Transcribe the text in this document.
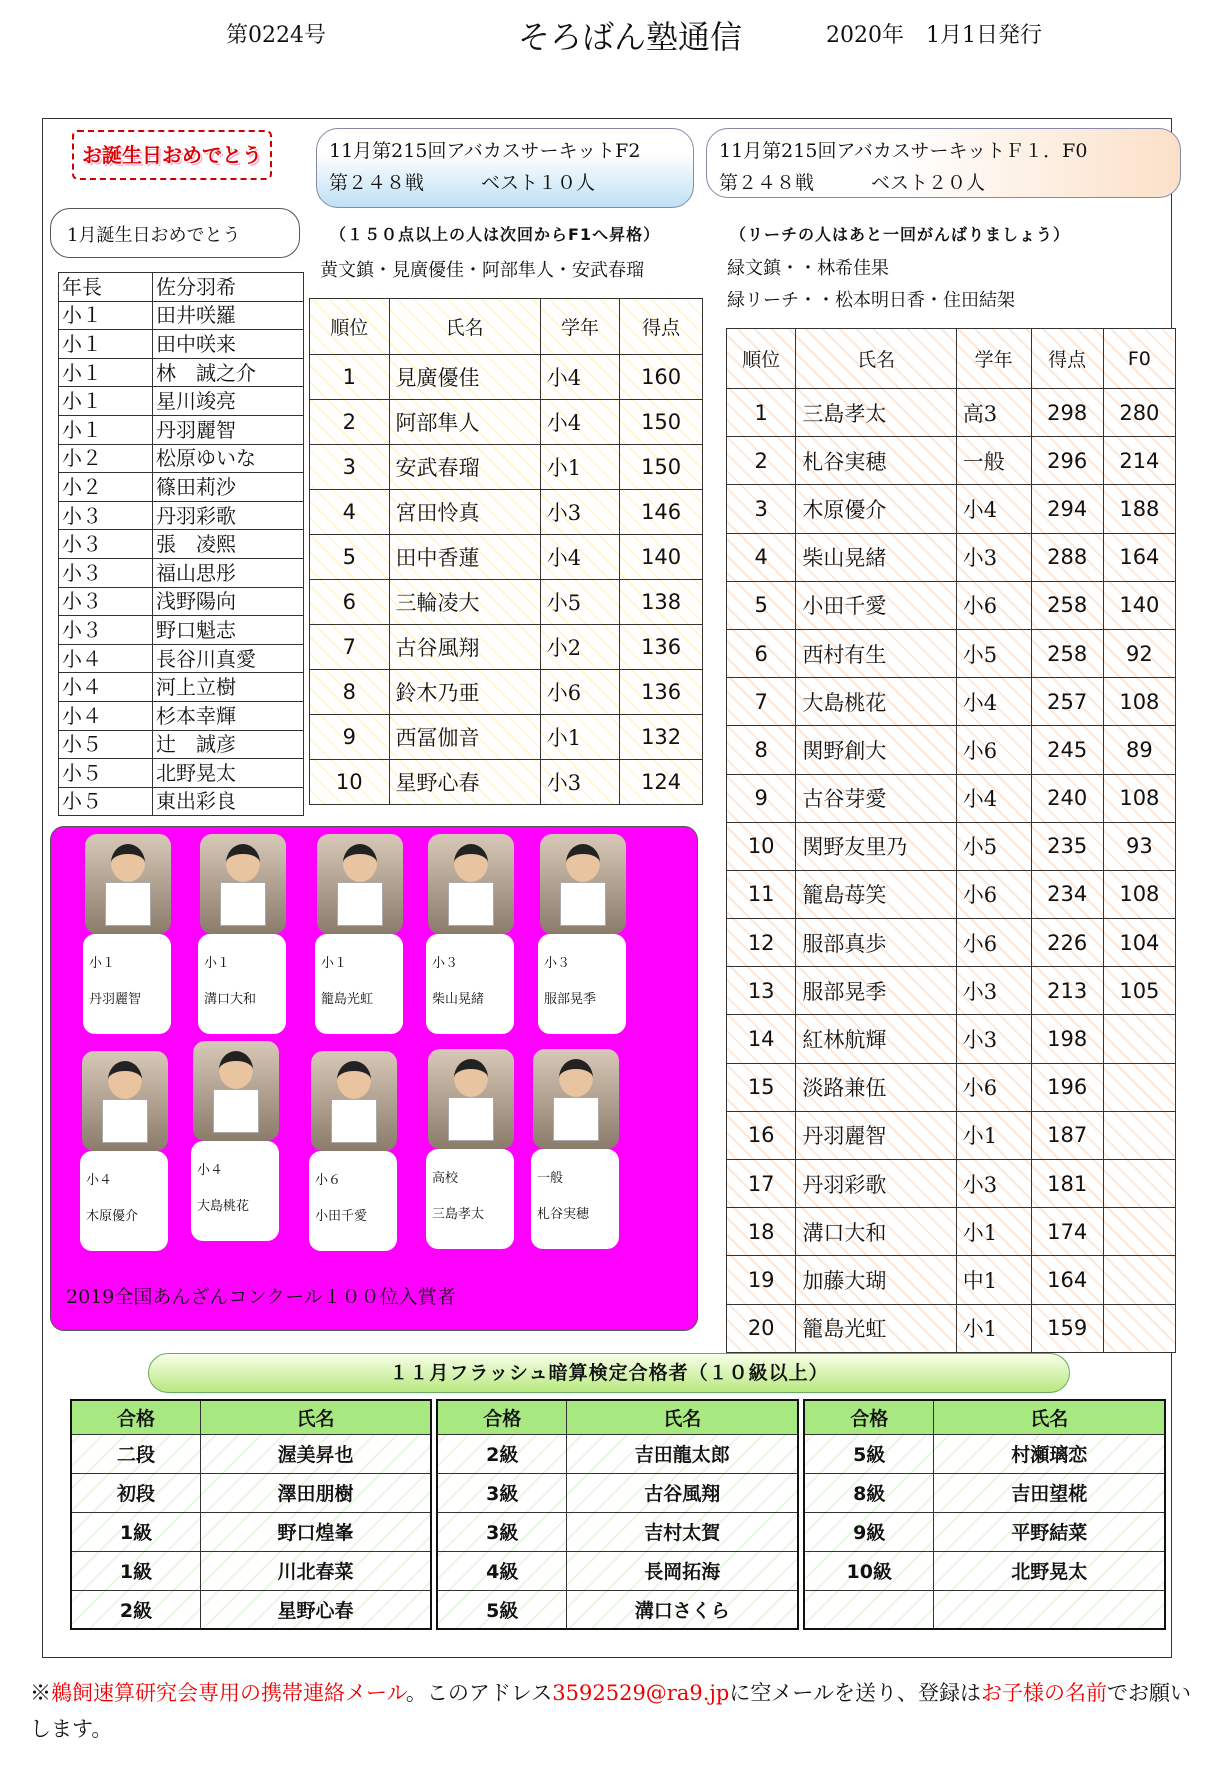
第0224号	そろばん塾通信	2020年　1月1日発行
お誕生日おめでとう
1月誕生日おめでとう
年長	佐分羽希
小１	田井咲羅
小１	田中咲来
小１	林　誠之介
小１	星川竣亮
小１	丹羽麗智
小２	松原ゆいな
小２	篠田莉沙
小３	丹羽彩歌
小３	張　凌熙
小３	福山思彤
小３	浅野陽向
小３	野口魁志
小４	長谷川真愛
小４	河上立樹
小４	杉本幸輝
小５	辻　誠彦
小５	北野晃太
小５	東出彩良
11月第215回アバカスサーキットF2
第２４８戦　　　ベスト１０人
（１５０点以上の人は次回からF1へ昇格）
黄文鎮・見廣優佳・阿部隼人・安武春瑠
順位	氏名	学年	得点
1	見廣優佳	小4	160
2	阿部隼人	小4	150
3	安武春瑠	小1	150
4	宮田怜真	小3	146
5	田中香蓮	小4	140
6	三輪凌大	小5	138
7	古谷風翔	小2	136
8	鈴木乃亜	小6	136
9	西冨伽音	小1	132
10	星野心春	小3	124
11月第215回アバカスサーキットＦ１．F0
第２４８戦　　　ベスト２０人
（リーチの人はあと一回がんばりましょう）
緑文鎮・・林希佳果
緑リーチ・・松本明日香・住田結架
順位	氏名	学年	得点	F0
1	三島孝太	高3	298	280
2	札谷実穂	一般	296	214
3	木原優介	小4	294	188
4	柴山晃緒	小3	288	164
5	小田千愛	小6	258	140
6	西村有生	小5	258	92
7	大島桃花	小4	257	108
8	関野創大	小6	245	89
9	古谷芽愛	小4	240	108
10	関野友里乃	小5	235	93
11	籠島苺笑	小6	234	108
12	服部真歩	小6	226	104
13	服部晃季	小3	213	105
14	紅林航輝	小3	198	
15	淡路兼伍	小6	196	
16	丹羽麗智	小1	187	
17	丹羽彩歌	小3	181	
18	溝口大和	小1	174	
19	加藤大瑚	中1	164	
20	籠島光虹	小1	159	
小１
丹羽麗智
小１
溝口大和
小１
籠島光虹
小３
柴山晃緒
小３
服部晃季
小４
木原優介
小４
大島桃花
小６
小田千愛
高校
三島孝太
一般
札谷実穂
2019全国あんざんコンクール１００位入賞者
１１月フラッシュ暗算検定合格者（１０級以上）
合格	氏名
二段	渥美昇也
初段	澤田朋樹
1級	野口煌峯
1級	川北春菜
2級	星野心春
合格	氏名
2級	吉田龍太郎
3級	古谷風翔
3級	吉村太賀
4級	長岡拓海
5級	溝口さくら
合格	氏名
5級	村瀬璃恋
8級	吉田望椛
9級	平野結菜
10級	北野晃太

※鵜飼速算研究会専用の携帯連絡メール。このアドレス3592529@ra9.jpに空メールを送り、登録はお子様の名前でお願いします。
